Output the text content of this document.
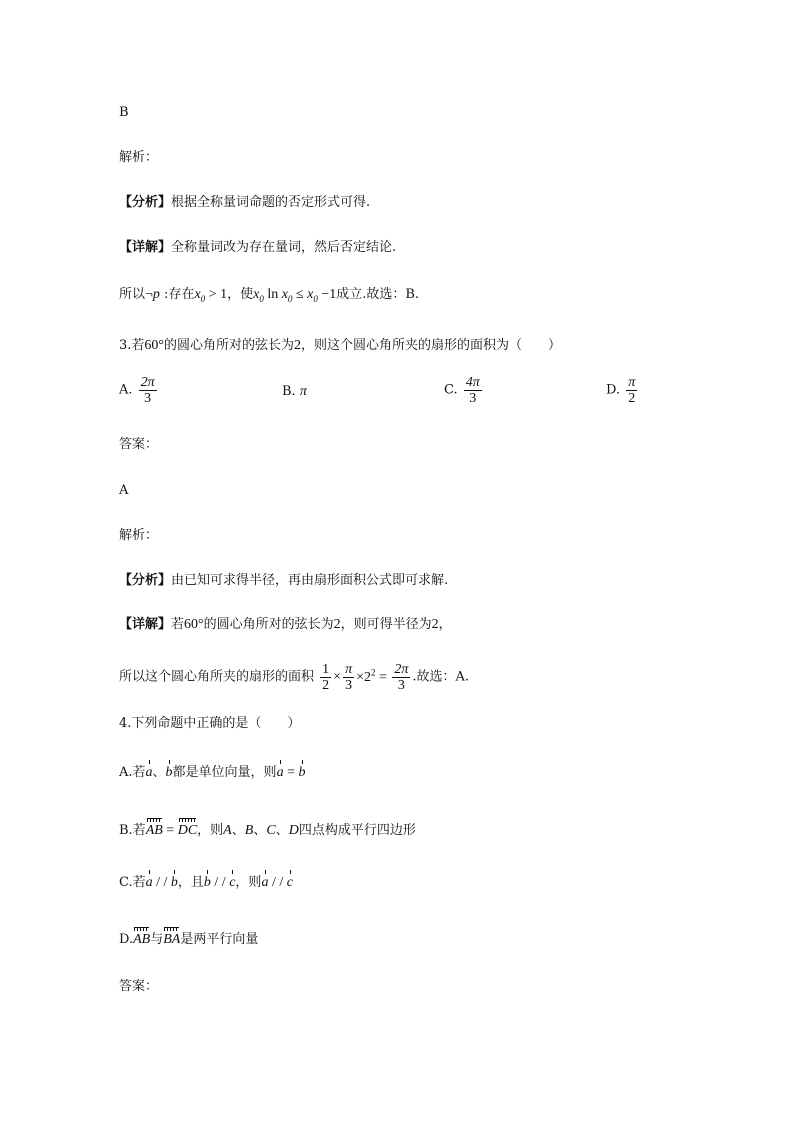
B
解析：
【分析】根据全称量词命题的否定形式可得.
【详解】全称量词改为存在量词，然后否定结论.
所以¬p :存在$x_0 > 1$，使$x_0$ $\ln x_0 \le x_0 -1$成立.故选：B.
3.若60°的圆心角所对的弦长为2，则这个圆心角所夹的扇形的面积为（　　）
A. $\frac{2\pi}{3}$	B. π	C. $\frac{4\pi}{3}$	D. $\frac{\pi}{2}$
答案：
A
解析：
【分析】由已知可求得半径，再由扇形面积公式即可求解.
【详解】若60°的圆心角所对的弦长为2，则可得半径为2，
所以这个圆心角所夹的扇形的面积 $\frac{1}{2} \times \frac{\pi}{3} \times 2^2 = \frac{2\pi}{3}$ .故选：A.
4.下列命题中正确的是（　　）
A.若a、b都是单位向量，则a = b
B.若AB = DC，则A、B、C、D四点构成平行四边形
C.若a / / b，且b / / c，则a / / c
D.AB与BA是两平行向量
答案：
